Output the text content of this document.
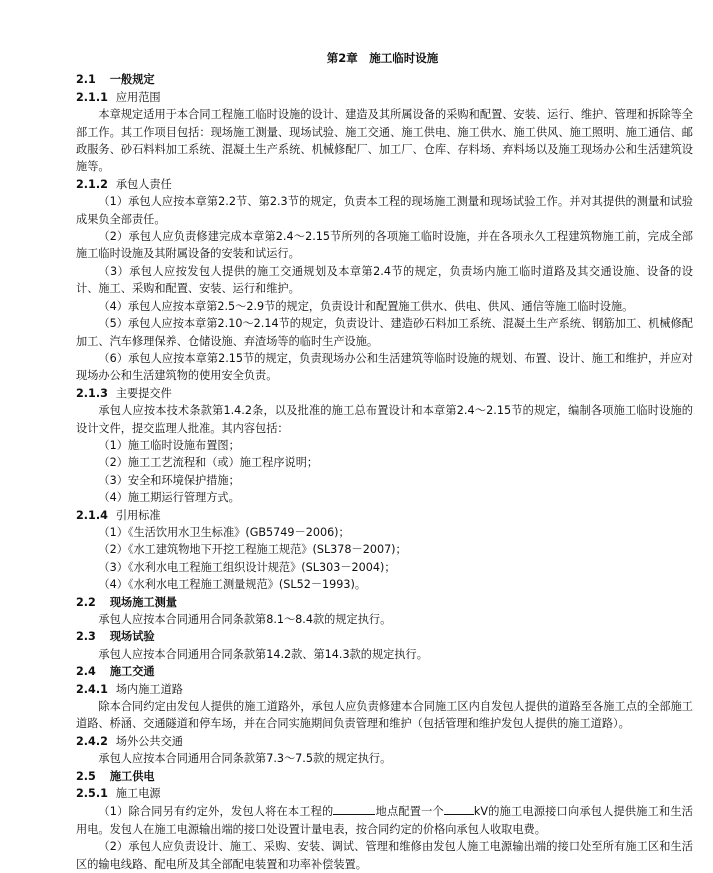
第2章　施工临时设施
2.1 一般规定
2.1.1 应用范围
本章规定适用于本合同工程施工临时设施的设计、建造及其所属设备的采购和配置、安装、运行、维护、管理和拆除等全部工作。其工作项目包括：现场施工测量、现场试验、施工交通、施工供电、施工供水、施工供风、施工照明、施工通信、邮政服务、砂石料料加工系统、混凝土生产系统、机械修配厂、加工厂、仓库、存料场、弃料场以及施工现场办公和生活建筑设施等。
2.1.2 承包人责任
（1）承包人应按本章第2.2节、第2.3节的规定，负责本工程的现场施工测量和现场试验工作。并对其提供的测量和试验成果负全部责任。
（2）承包人应负责修建完成本章第2.4～2.15节所列的各项施工临时设施，并在各项永久工程建筑物施工前，完成全部施工临时设施及其附属设备的安装和试运行。
（3）承包人应按发包人提供的施工交通规划及本章第2.4节的规定，负责场内施工临时道路及其交通设施、设备的设计、施工、采购和配置、安装、运行和维护。
（4）承包人应按本章第2.5～2.9节的规定，负责设计和配置施工供水、供电、供风、通信等施工临时设施。
（5）承包人应按本章第2.10～2.14节的规定，负责设计、建造砂石料加工系统、混凝土生产系统、钢筋加工、机械修配加工、汽车修理保养、仓储设施、弃渣场等的临时生产设施。
（6）承包人应按本章第2.15节的规定，负责现场办公和生活建筑等临时设施的规划、布置、设计、施工和维护，并应对现场办公和生活建筑物的使用安全负责。
2.1.3 主要提交件
承包人应按本技术条款第1.4.2条，以及批准的施工总布置设计和本章第2.4～2.15节的规定，编制各项施工临时设施的设计文件，提交监理人批准。其内容包括：
（1）施工临时设施布置图；
（2）施工工艺流程和（或）施工程序说明；
（3）安全和环境保护措施；
（4）施工期运行管理方式。
2.1.4 引用标准
（1）《生活饮用水卫生标准》(GB5749－2006)；
（2）《水工建筑物地下开挖工程施工规范》(SL378－2007)；
（3）《水利水电工程施工组织设计规范》(SL303－2004)；
（4）《水利水电工程施工测量规范》(SL52－1993)。
2.2 现场施工测量
承包人应按本合同通用合同条款第8.1～8.4款的规定执行。
2.3 现场试验
承包人应按本合同通用合同条款第14.2款、第14.3款的规定执行。
2.4 施工交通
2.4.1 场内施工道路
除本合同约定由发包人提供的施工道路外，承包人应负责修建本合同施工区内自发包人提供的道路至各施工点的全部施工道路、桥涵、交通隧道和停车场，并在合同实施期间负责管理和维护（包括管理和维护发包人提供的施工道路）。
2.4.2 场外公共交通
承包人应按本合同通用合同条款第7.3～7.5款的规定执行。
2.5 施工供电
2.5.1 施工电源
（1）除合同另有约定外，发包人将在本工程的	地点配置一个	kV的施工电源接口向承包人提供施工和生活用电。发包人在施工电源输出端的接口处设置计量电表，按合同约定的价格向承包人收取电费。
（2）承包人应负责设计、施工、采购、安装、调试、管理和维修由发包人施工电源输出端的接口处至所有施工区和生活区的输电线路、配电所及其全部配电装置和功率补偿装置。
